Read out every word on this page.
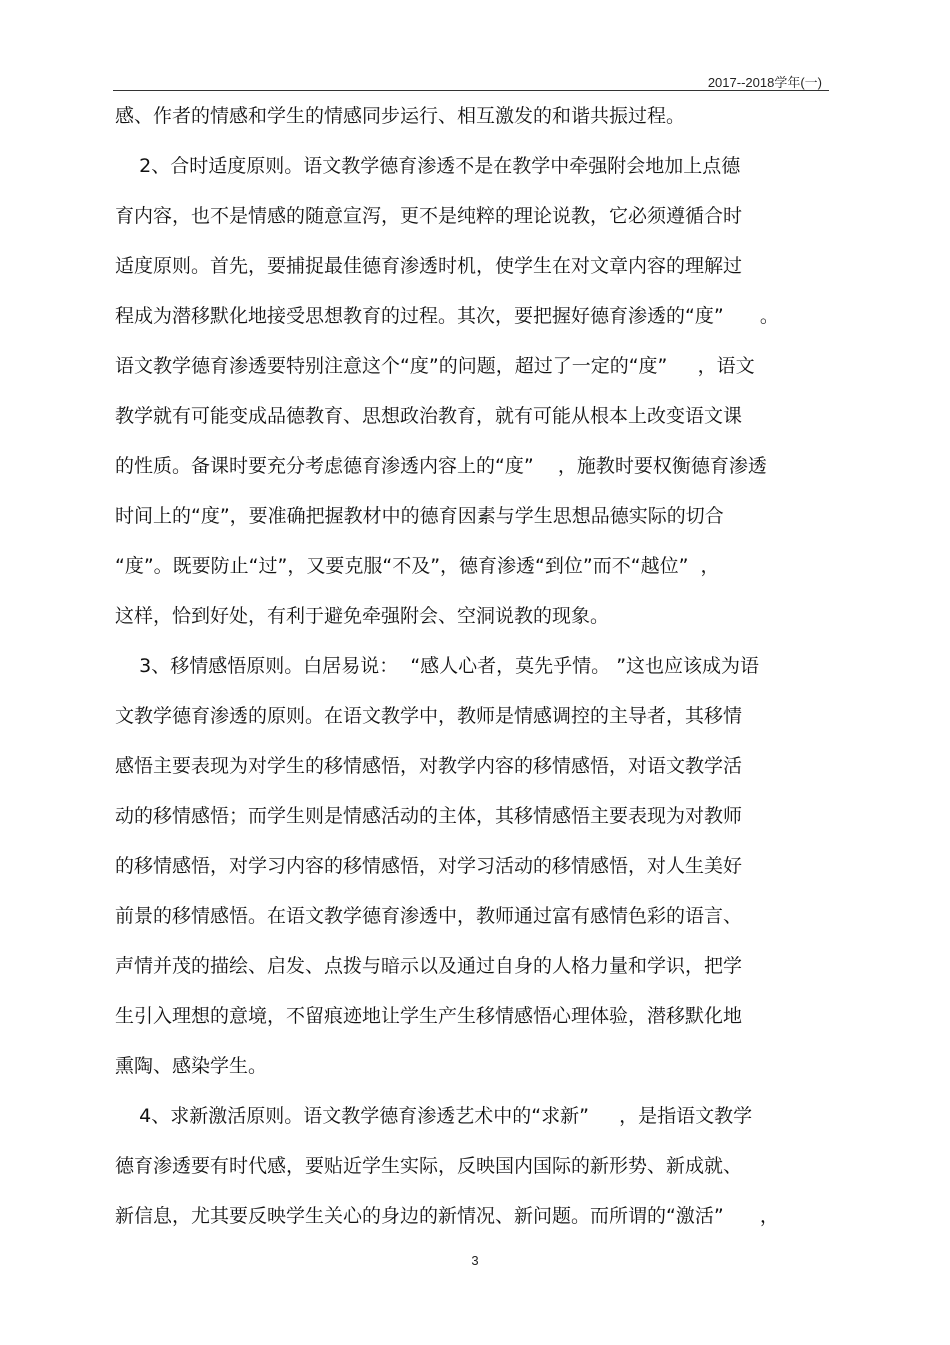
2017--2018学年(一)
感、作者的情感和学生的情感同步运行、相互激发的和谐共振过程。
2、合时适度原则。语文教学德育渗透不是在教学中牵强附会地加上点德
育内容，也不是情感的随意宣泻，更不是纯粹的理论说教，它必须遵循合时
适度原则。首先，要捕捉最佳德育渗透时机，使学生在对文章内容的理解过
程成为潜移默化地接受思想教育的过程。其次，要把握好德育渗透的“度”      。
语文教学德育渗透要特别注意这个“度”的问题，超过了一定的“度”     ，语文
教学就有可能变成品德教育、思想政治教育，就有可能从根本上改变语文课
的性质。备课时要充分考虑德育渗透内容上的“度”    ，施教时要权衡德育渗透
时间上的“度”，要准确把握教材中的德育因素与学生思想品德实际的切合
“度”。既要防止“过”，又要克服“不及”，德育渗透“到位”而不“越位”  ，
这样，恰到好处，有利于避免牵强附会、空洞说教的现象。
3、移情感悟原则。白居易说：  “感人心者，莫先乎情。 ”这也应该成为语
文教学德育渗透的原则。在语文教学中，教师是情感调控的主导者，其移情
感悟主要表现为对学生的移情感悟，对教学内容的移情感悟，对语文教学活
动的移情感悟；而学生则是情感活动的主体，其移情感悟主要表现为对教师
的移情感悟，对学习内容的移情感悟，对学习活动的移情感悟，对人生美好
前景的移情感悟。在语文教学德育渗透中，教师通过富有感情色彩的语言、
声情并茂的描绘、启发、点拨与暗示以及通过自身的人格力量和学识，把学
生引入理想的意境，不留痕迹地让学生产生移情感悟心理体验，潜移默化地
熏陶、感染学生。
4、求新激活原则。语文教学德育渗透艺术中的“求新”     ，是指语文教学
德育渗透要有时代感，要贴近学生实际，反映国内国际的新形势、新成就、
新信息，尤其要反映学生关心的身边的新情况、新问题。而所谓的“激活”      ，
3
